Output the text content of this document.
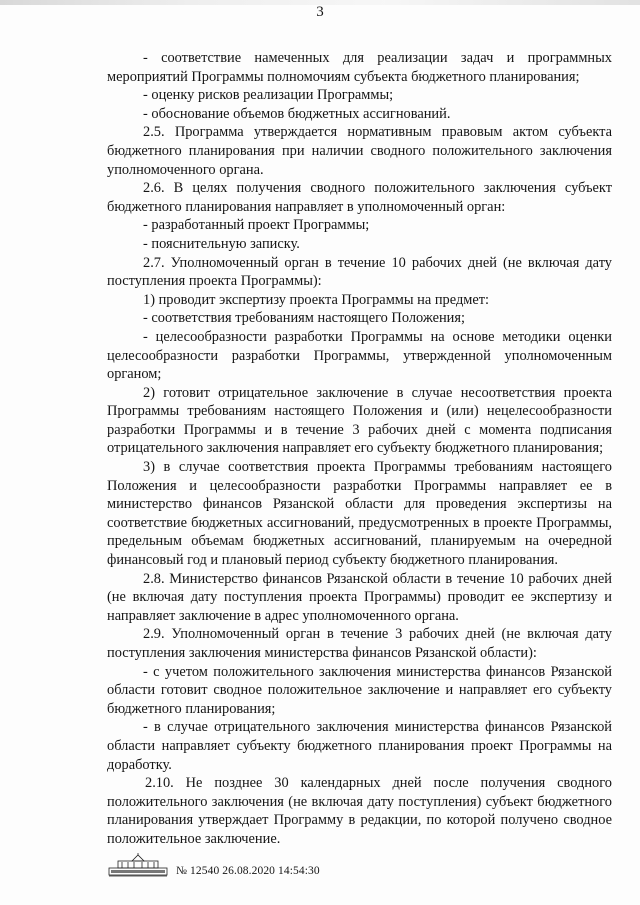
3

- соответствие намеченных для реализации задач и программных мероприятий Программы полномочиям субъекта бюджетного планирования;

- оценку рисков реализации Программы;

- обоснование объемов бюджетных ассигнований.

2.5. Программа утверждается нормативным правовым актом субъекта бюджетного планирования при наличии сводного положительного заключения уполномоченного органа.

2.6. В целях получения сводного положительного заключения субъект бюджетного планирования направляет в уполномоченный орган:

- разработанный проект Программы;

- пояснительную записку.

2.7. Уполномоченный орган в течение 10 рабочих дней (не включая дату поступления проекта Программы):

1) проводит экспертизу проекта Программы на предмет:

- соответствия требованиям настоящего Положения;

- целесообразности разработки Программы на основе методики оценки целесообразности разработки Программы, утвержденной уполномоченным органом;

2) готовит отрицательное заключение в случае несоответствия проекта Программы требованиям настоящего Положения и (или) нецелесообразности разработки Программы и в течение 3 рабочих дней с момента подписания отрицательного заключения направляет его субъекту бюджетного планирования;

3) в случае соответствия проекта Программы требованиям настоящего Положения и целесообразности разработки Программы направляет ее в министерство финансов Рязанской области для проведения экспертизы на соответствие бюджетных ассигнований, предусмотренных в проекте Программы, предельным объемам бюджетных ассигнований, планируемым на очередной финансовый год и плановый период субъекту бюджетного планирования.

2.8. Министерство финансов Рязанской области в течение 10 рабочих дней (не включая дату поступления проекта Программы) проводит ее экспертизу и направляет заключение в адрес уполномоченного органа.

2.9. Уполномоченный орган в течение 3 рабочих дней (не включая дату поступления заключения министерства финансов Рязанской области):

- с учетом положительного заключения министерства финансов Рязанской области готовит сводное положительное заключение и направляет его субъекту бюджетного планирования;

- в случае отрицательного заключения министерства финансов Рязанской области направляет субъекту бюджетного планирования проект Программы на доработку.

2.10. Не позднее 30 календарных дней после получения сводного положительного заключения (не включая дату поступления) субъект бюджетного планирования утверждает Программу в редакции, по которой получено сводное положительное заключение.

№ 12540 26.08.2020 14:54:30
